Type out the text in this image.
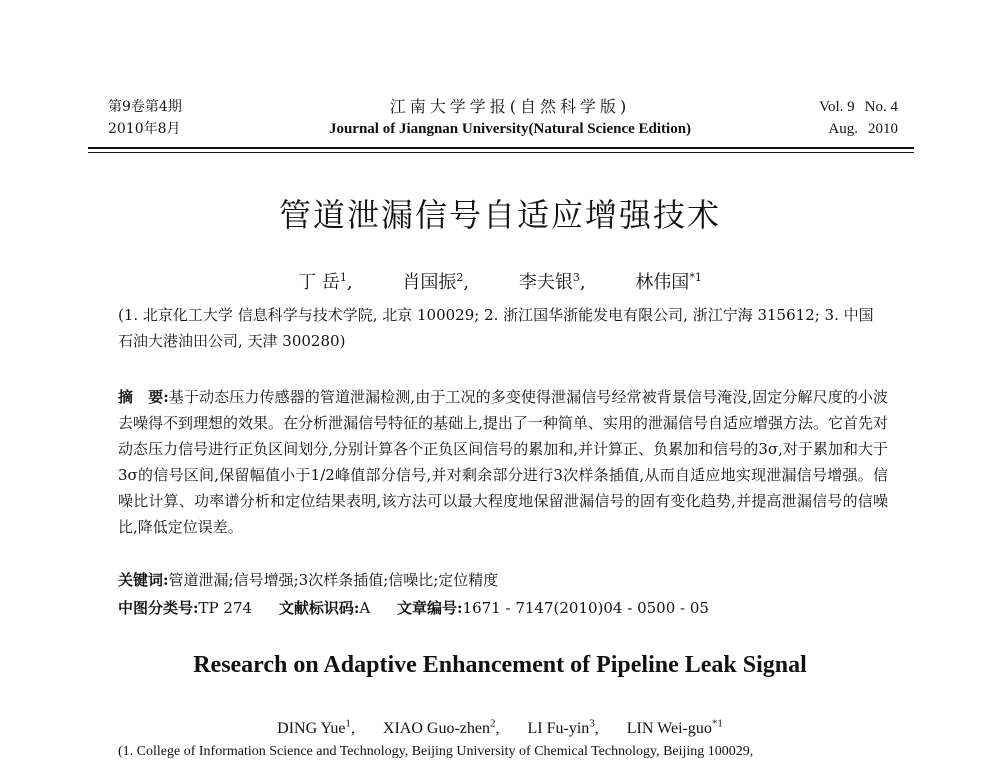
第9卷第4期
2010年8月
江南大学学报(自然科学版)
Journal of Jiangnan University(Natural Science Edition)
Vol. 9 No. 4
Aug. 2010
管道泄漏信号自适应增强技术
丁 岳$^1$,	肖国振$^2$,	李夫银$^3$,	林伟国$^{*1}$
(1. 北京化工大学 信息科学与技术学院, 北京 100029; 2. 浙江国华浙能发电有限公司, 浙江宁海 315612; 3. 中国石油大港油田公司, 天津 300280)
摘　要:基于动态压力传感器的管道泄漏检测,由于工况的多变使得泄漏信号经常被背景信号淹没,固定分解尺度的小波去噪得不到理想的效果。在分析泄漏信号特征的基础上,提出了一种简单、实用的泄漏信号自适应增强方法。它首先对动态压力信号进行正负区间划分,分别计算各个正负区间信号的累加和,并计算正、负累加和信号的3σ,对于累加和大于3σ的信号区间,保留幅值小于1/2峰值部分信号,并对剩余部分进行3次样条插值,从而自适应地实现泄漏信号增强。信噪比计算、功率谱分析和定位结果表明,该方法可以最大程度地保留泄漏信号的固有变化趋势,并提高泄漏信号的信噪比,降低定位误差。
关键词:管道泄漏;信号增强;3次样条插值;信噪比;定位精度
中图分类号:TP 274 文献标识码:A 文章编号:1671 - 7147(2010)04 - 0500 - 05
Research on Adaptive Enhancement of Pipeline Leak Signal
DING Yue$^1$, XIAO Guo-zhen$^2$, LI Fu-yin$^3$, LIN Wei-guo$^{*1}$
(1. College of Information Science and Technology, Beijing University of Chemical Technology, Beijing 100029,
